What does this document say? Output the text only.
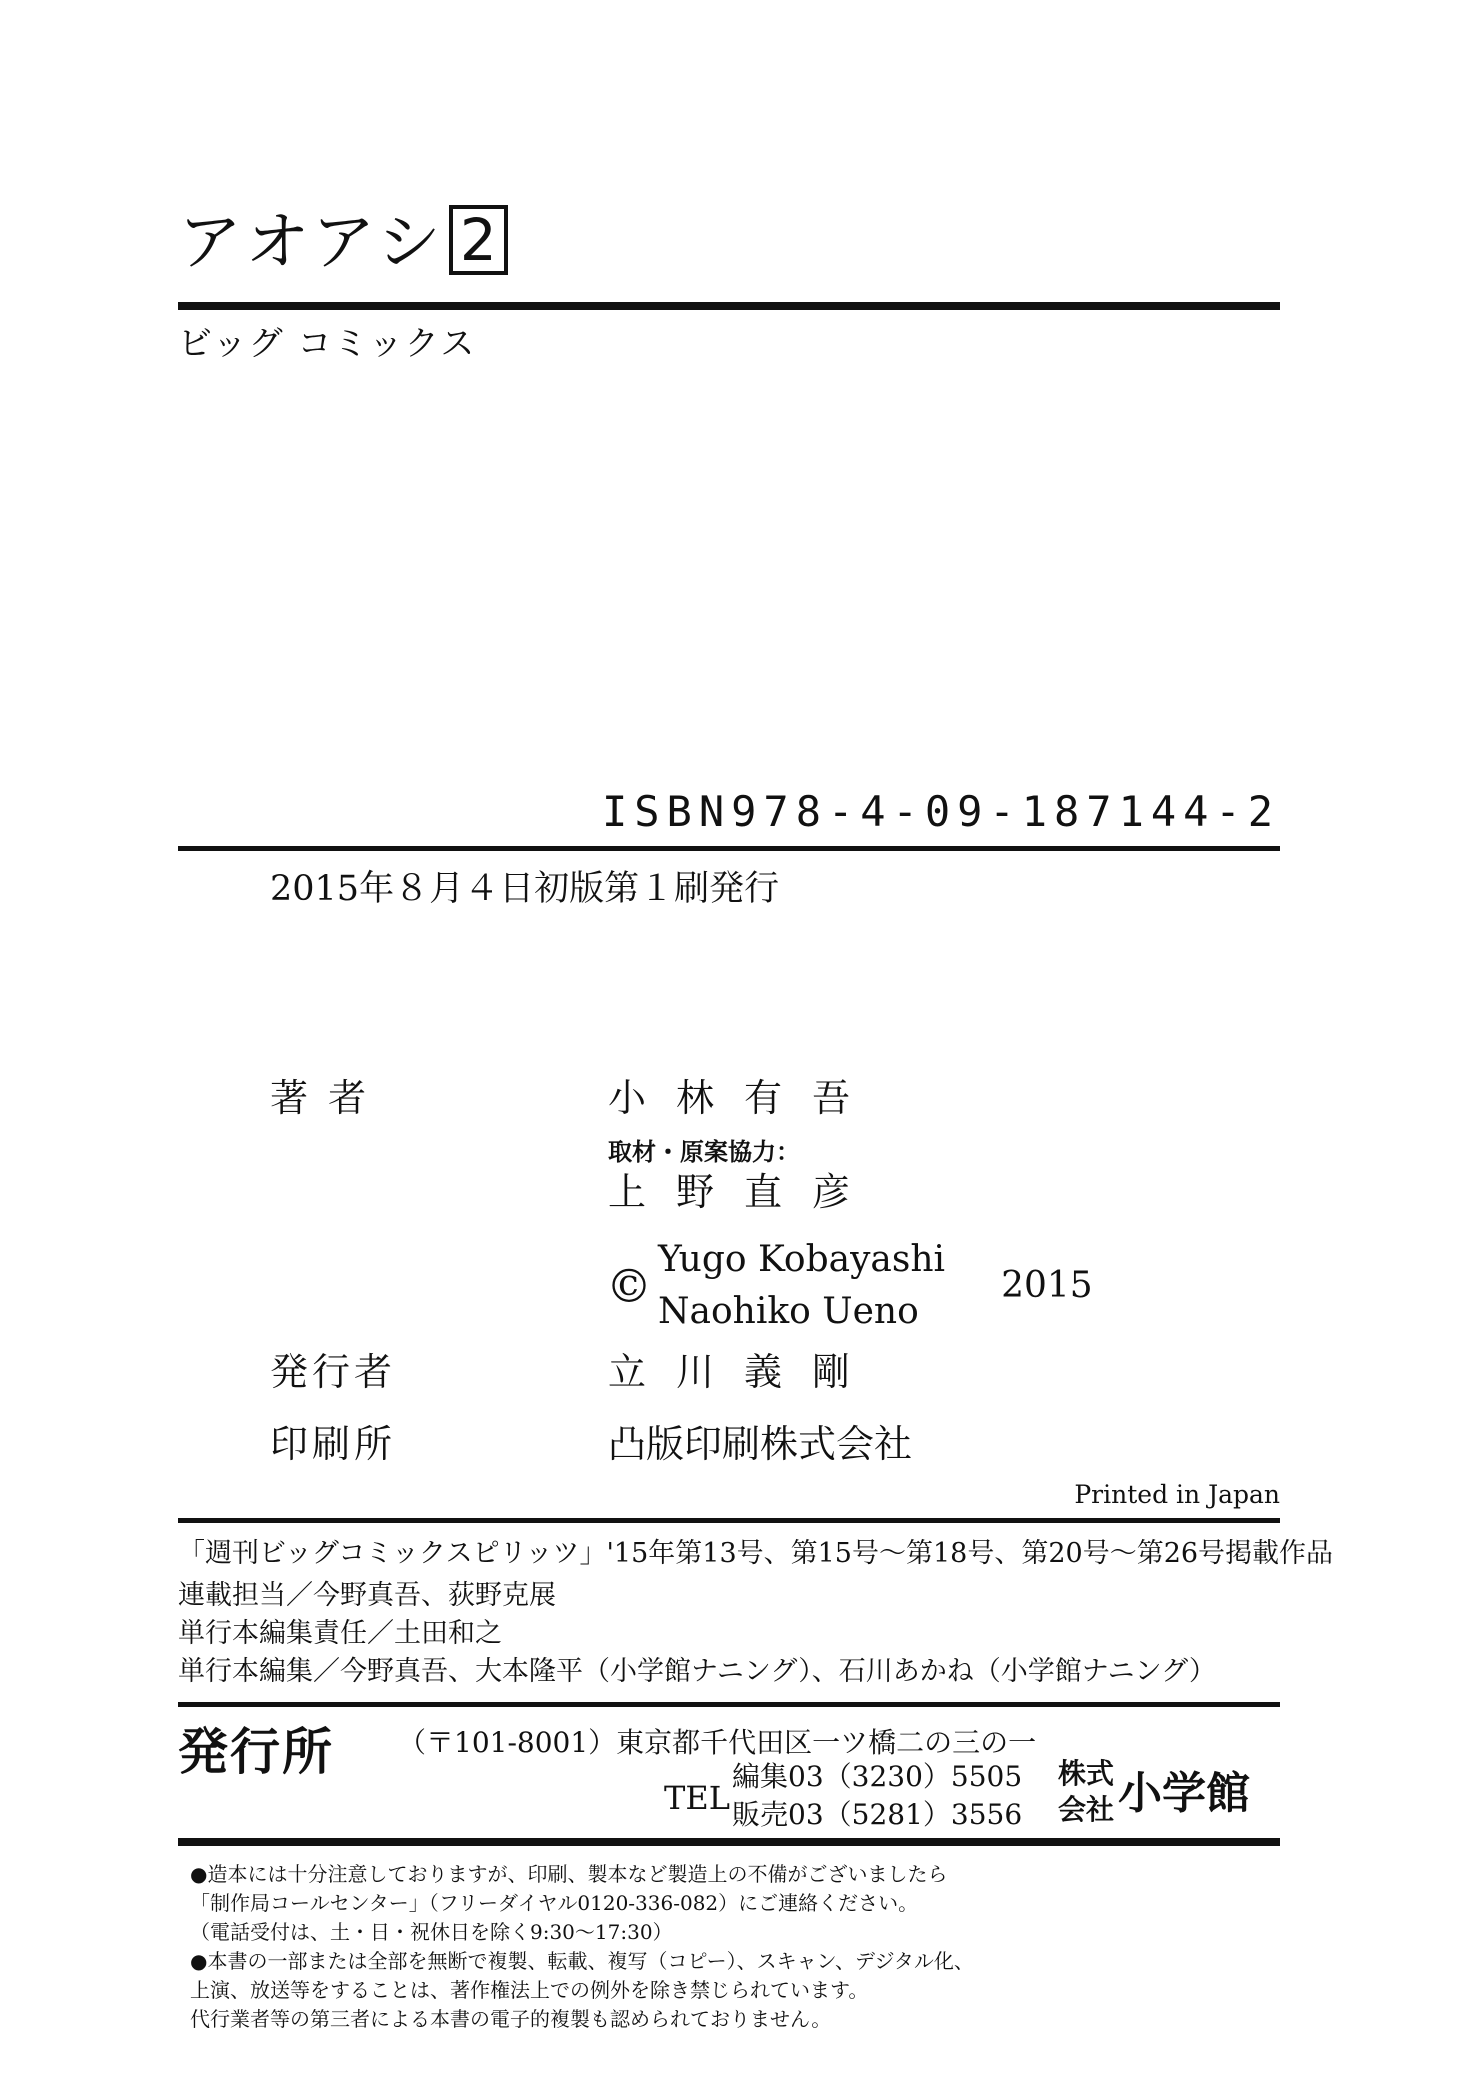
アオアシ 2
ビッグ コミックス
ISBN978-4-09-187144-2
2015年８月４日初版第１刷発行
著 者	小林有吾
取材・原案協力：
上野直彦
© Yugo Kobayashi
Naohiko Ueno
2015
発行者	立川義剛
印刷所	凸版印刷株式会社
Printed in Japan
「週刊ビッグコミックスピリッツ」'15年第13号、第15号〜第18号、第20号〜第26号掲載作品
連載担当／今野真吾、荻野克展
単行本編集責任／土田和之
単行本編集／今野真吾、大本隆平（小学館ナニング）、石川あかね（小学館ナニング）
発行所 （〒101-8001）東京都千代田区一ツ橋二の三の一
TEL
編集03（3230）5505
販売03（5281）3556
株式
会社 小学館
●造本には十分注意しておりますが、印刷、製本など製造上の不備がございましたら
「制作局コールセンター」（フリーダイヤル0120-336-082）にご連絡ください。
（電話受付は、土・日・祝休日を除く9:30〜17:30）
●本書の一部または全部を無断で複製、転載、複写（コピー）、スキャン、デジタル化、
上演、放送等をすることは、著作権法上での例外を除き禁じられています。
代行業者等の第三者による本書の電子的複製も認められておりません。
